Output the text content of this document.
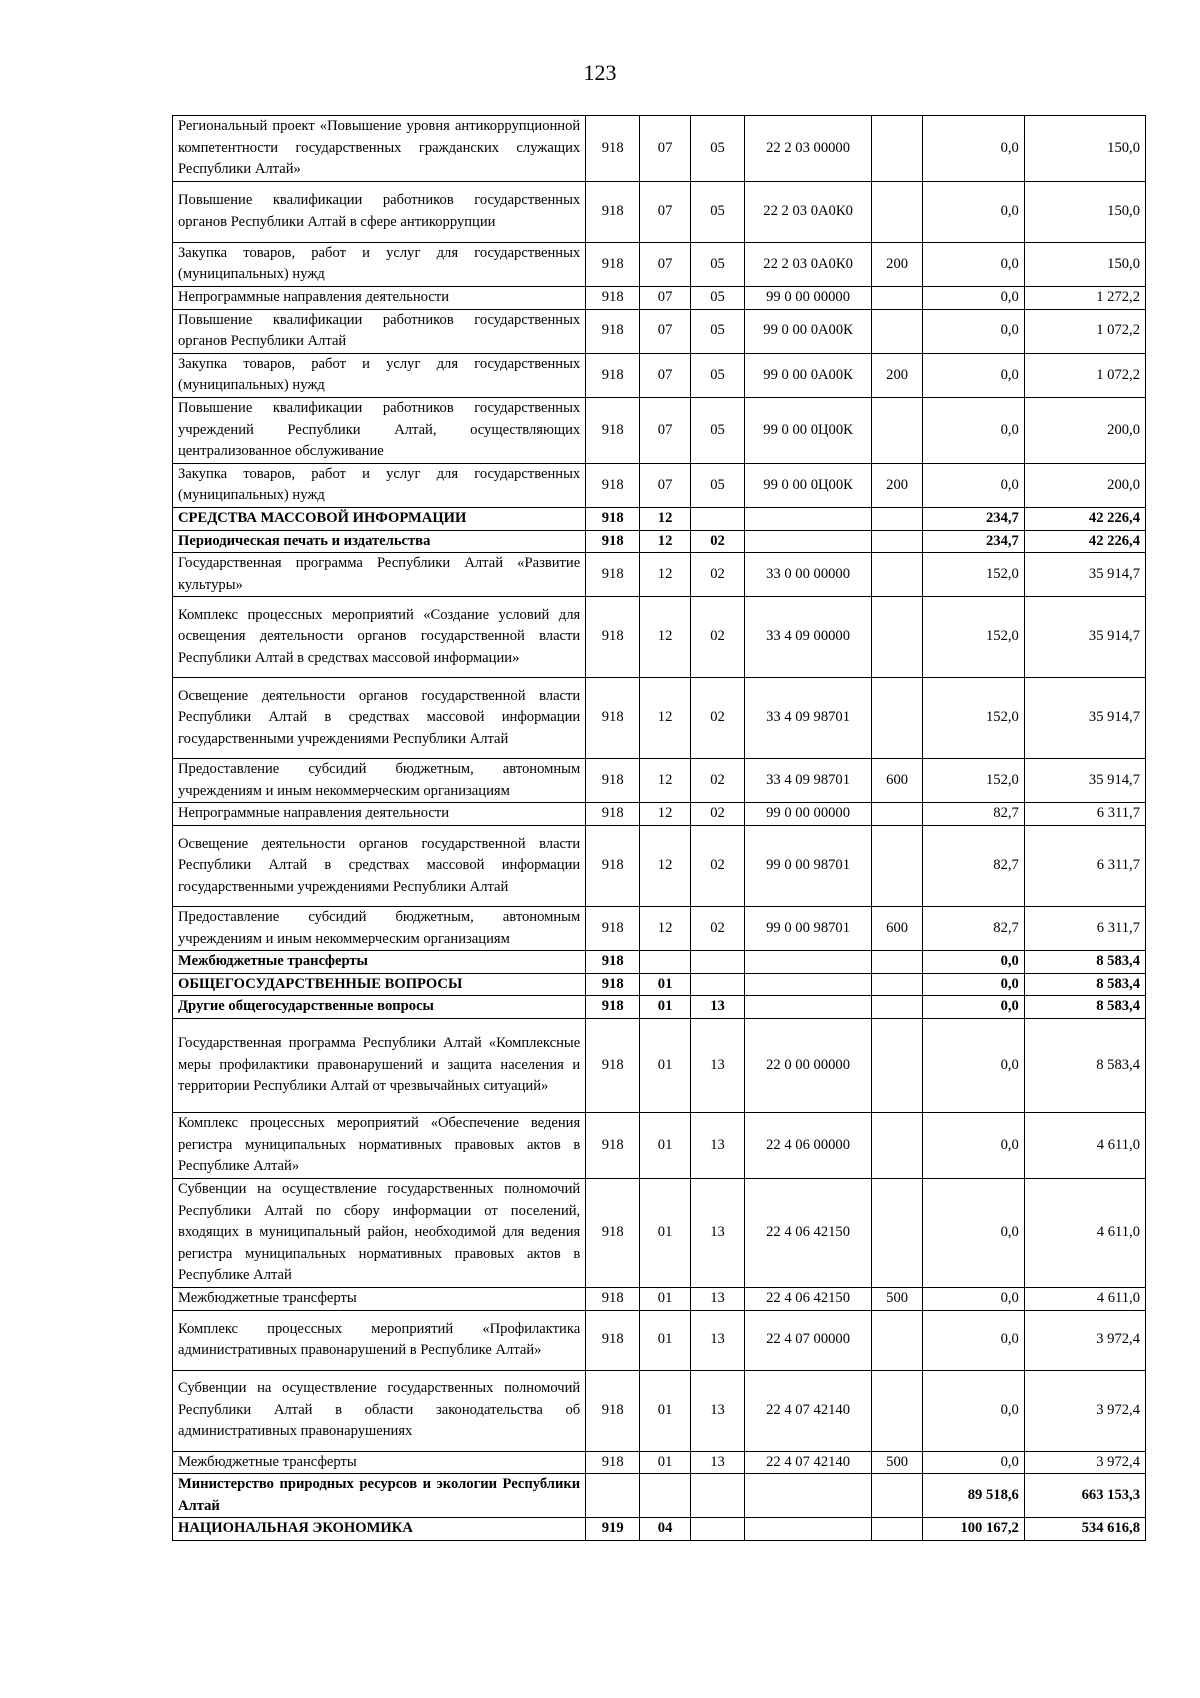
123
Региональный проект «Повышение уровня антикоррупционной компетентности государственных гражданских служащих Республики Алтай»	918	07	05	22 2 03 00000		0,0	150,0
Повышение квалификации работников государственных органов Республики Алтай в сфере антикоррупции	918	07	05	22 2 03 0А0К0		0,0	150,0
Закупка товаров, работ и услуг для государственных (муниципальных) нужд	918	07	05	22 2 03 0А0К0	200	0,0	150,0
Непрограммные направления деятельности	918	07	05	99 0 00 00000		0,0	1 272,2
Повышение квалификации работников государственных органов Республики Алтай	918	07	05	99 0 00 0А00К		0,0	1 072,2
Закупка товаров, работ и услуг для государственных (муниципальных) нужд	918	07	05	99 0 00 0А00К	200	0,0	1 072,2
Повышение квалификации работников государственных учреждений Республики Алтай, осуществляющих централизованное обслуживание	918	07	05	99 0 00 0Ц00К		0,0	200,0
Закупка товаров, работ и услуг для государственных (муниципальных) нужд	918	07	05	99 0 00 0Ц00К	200	0,0	200,0
СРЕДСТВА МАССОВОЙ ИНФОРМАЦИИ	918	12				234,7	42 226,4
Периодическая печать и издательства	918	12	02			234,7	42 226,4
Государственная программа Республики Алтай «Развитие культуры»	918	12	02	33 0 00 00000		152,0	35 914,7
Комплекс процессных мероприятий «Создание условий для освещения деятельности органов государственной власти Республики Алтай в средствах массовой информации»	918	12	02	33 4 09 00000		152,0	35 914,7
Освещение деятельности органов государственной власти Республики Алтай в средствах массовой информации государственными учреждениями Республики Алтай	918	12	02	33 4 09 98701		152,0	35 914,7
Предоставление субсидий бюджетным, автономным учреждениям и иным некоммерческим организациям	918	12	02	33 4 09 98701	600	152,0	35 914,7
Непрограммные направления деятельности	918	12	02	99 0 00 00000		82,7	6 311,7
Освещение деятельности органов государственной власти Республики Алтай в средствах массовой информации государственными учреждениями Республики Алтай	918	12	02	99 0 00 98701		82,7	6 311,7
Предоставление субсидий бюджетным, автономным учреждениям и иным некоммерческим организациям	918	12	02	99 0 00 98701	600	82,7	6 311,7
Межбюджетные трансферты	918					0,0	8 583,4
ОБЩЕГОСУДАРСТВЕННЫЕ ВОПРОСЫ	918	01				0,0	8 583,4
Другие общегосударственные вопросы	918	01	13			0,0	8 583,4
Государственная программа Республики Алтай «Комплексные меры профилактики правонарушений и защита населения и территории Республики Алтай от чрезвычайных ситуаций»	918	01	13	22 0 00 00000		0,0	8 583,4
Комплекс процессных мероприятий «Обеспечение ведения регистра муниципальных нормативных правовых актов в Республике Алтай»	918	01	13	22 4 06 00000		0,0	4 611,0
Субвенции на осуществление государственных полномочий Республики Алтай по сбору информации от поселений, входящих в муниципальный район, необходимой для ведения регистра муниципальных нормативных правовых актов в Республике Алтай	918	01	13	22 4 06 42150		0,0	4 611,0
Межбюджетные трансферты	918	01	13	22 4 06 42150	500	0,0	4 611,0
Комплекс процессных мероприятий «Профилактика административных правонарушений в Республике Алтай»	918	01	13	22 4 07 00000		0,0	3 972,4
Субвенции на осуществление государственных полномочий Республики Алтай в области законодательства об административных правонарушениях	918	01	13	22 4 07 42140		0,0	3 972,4
Межбюджетные трансферты	918	01	13	22 4 07 42140	500	0,0	3 972,4
Министерство природных ресурсов и экологии Республики Алтай						89 518,6	663 153,3
НАЦИОНАЛЬНАЯ ЭКОНОМИКА	919	04				100 167,2	534 616,8
